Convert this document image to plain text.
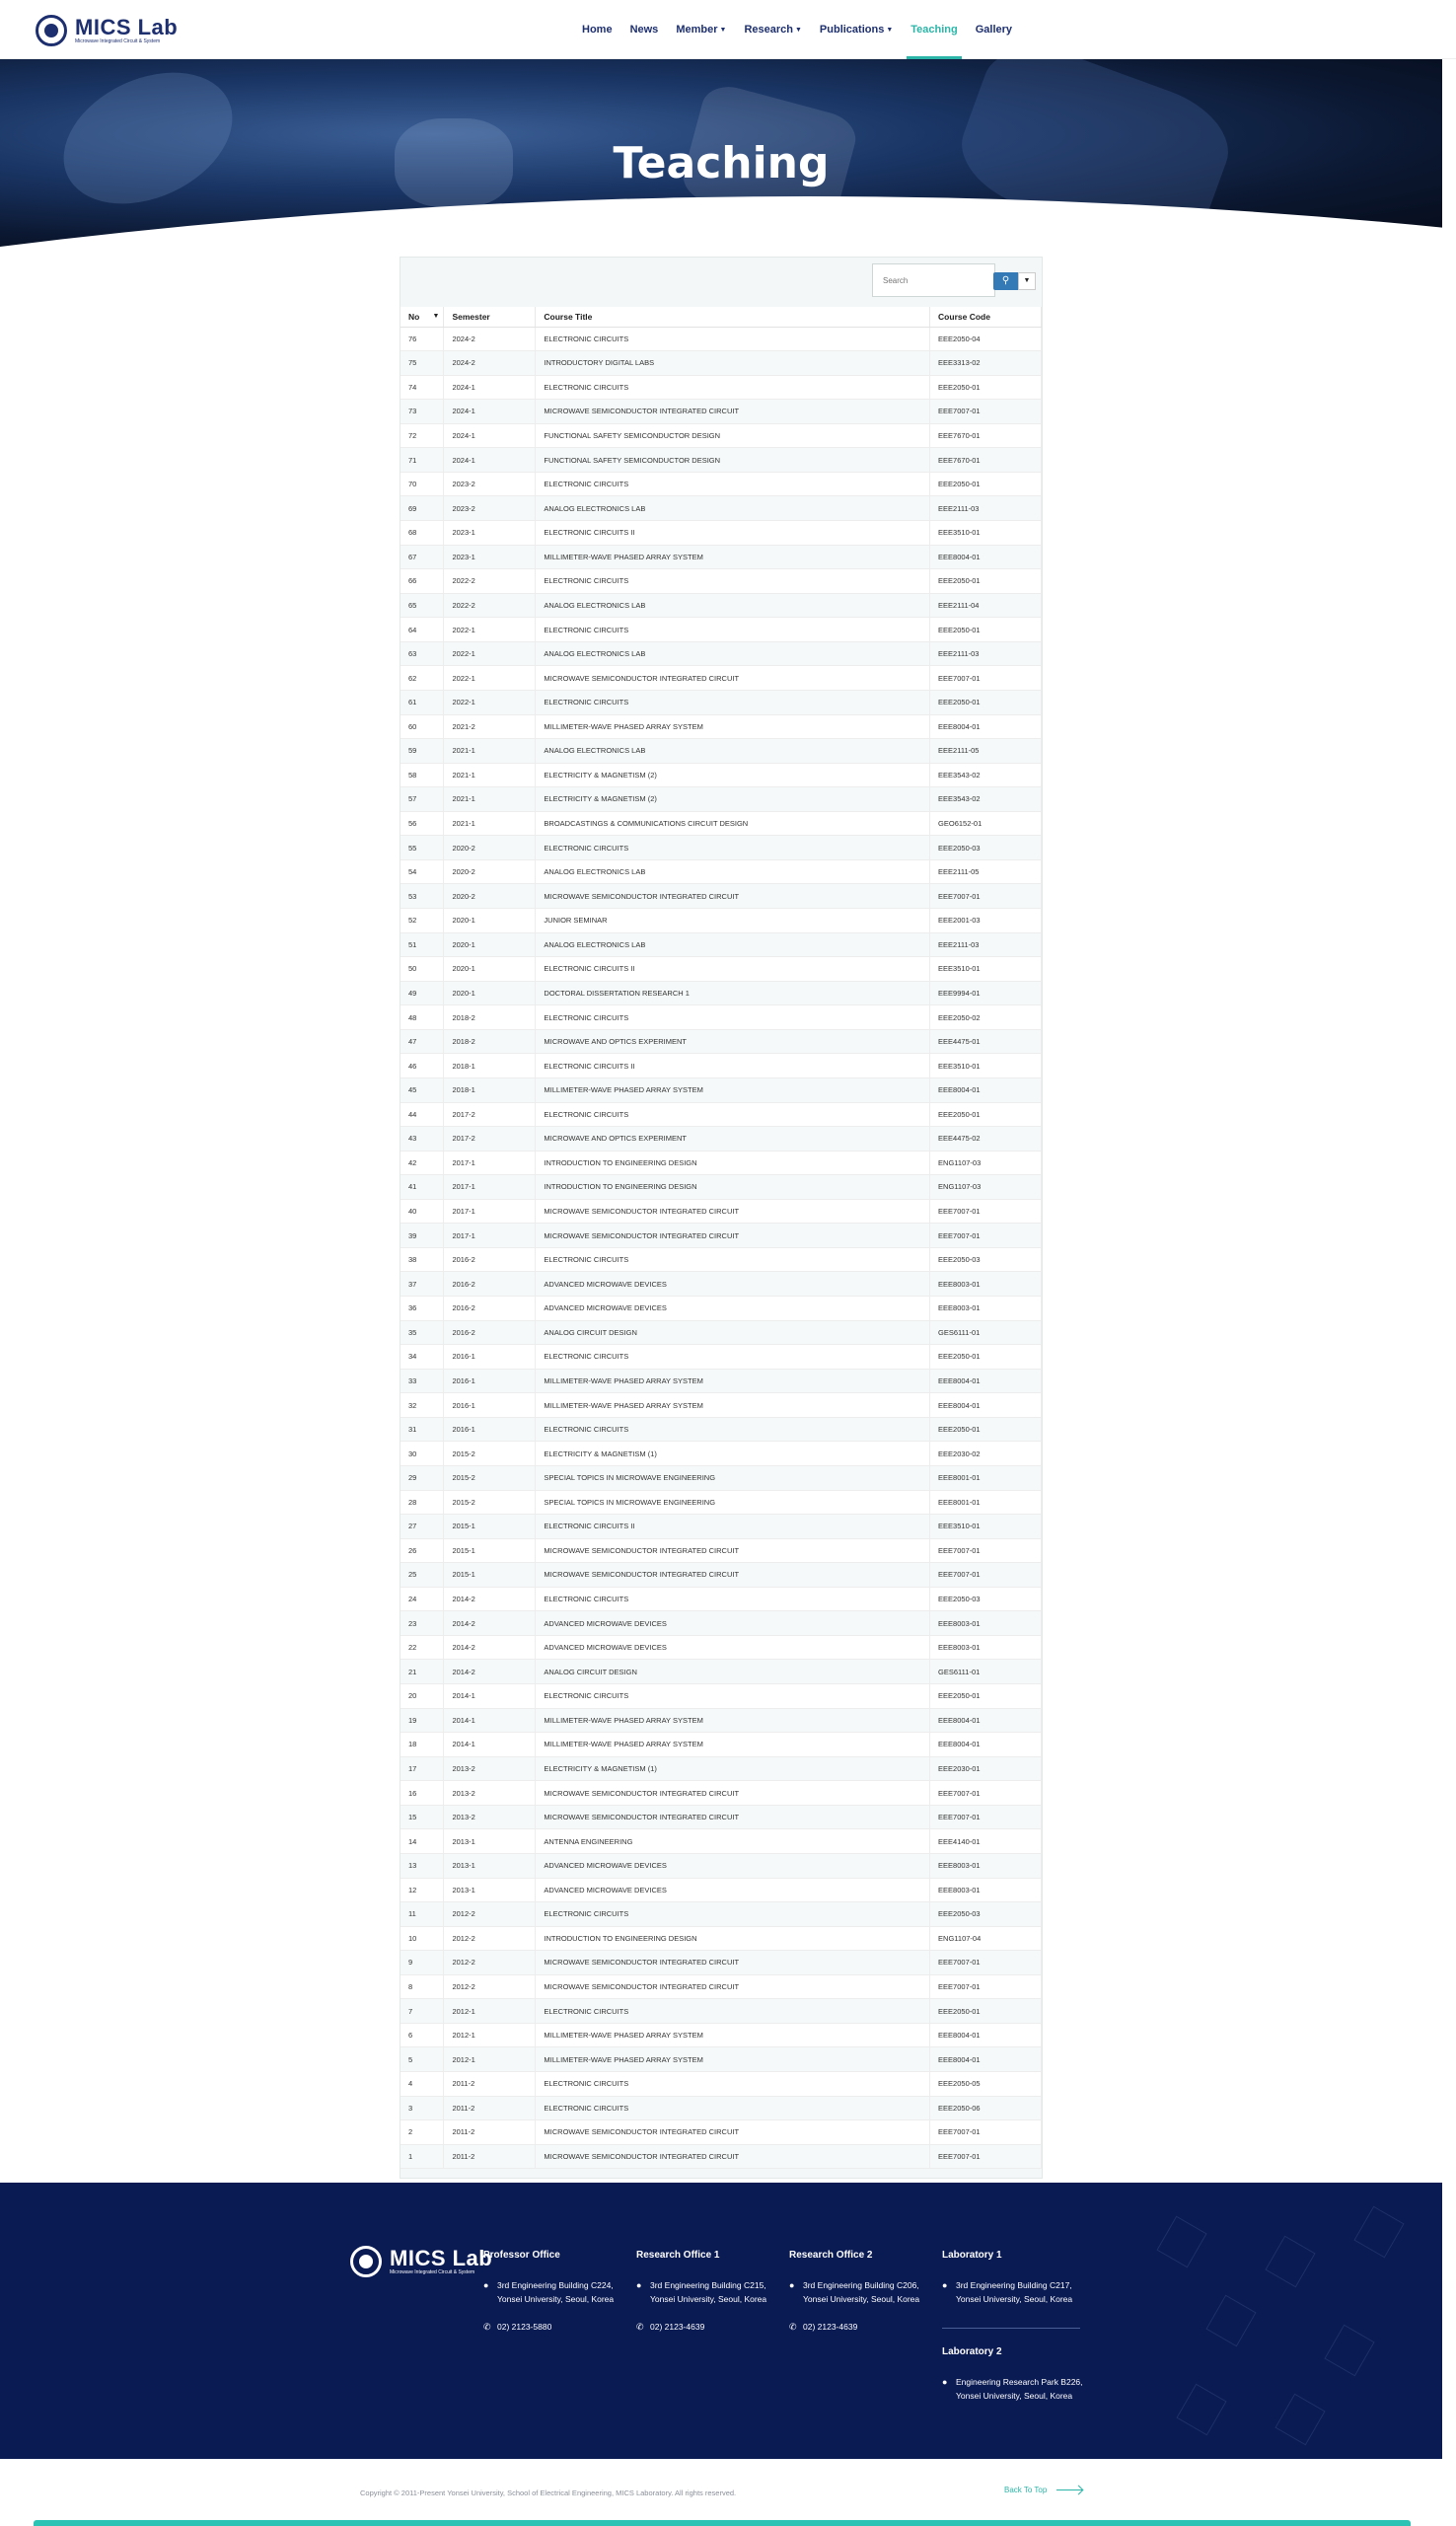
MICS Lab
Microwave Integrated Circuit & System
Home News Member ▼ Research ▼ Publications ▼ Teaching Gallery
Teaching
Search
⚲	▼
No ▼	Semester	Course Title	Course Code
76	2024-2	ELECTRONIC CIRCUITS	EEE2050-04
75	2024-2	INTRODUCTORY DIGITAL LABS	EEE3313-02
74	2024-1	ELECTRONIC CIRCUITS	EEE2050-01
73	2024-1	MICROWAVE SEMICONDUCTOR INTEGRATED CIRCUIT	EEE7007-01
72	2024-1	FUNCTIONAL SAFETY SEMICONDUCTOR DESIGN	EEE7670-01
71	2024-1	FUNCTIONAL SAFETY SEMICONDUCTOR DESIGN	EEE7670-01
70	2023-2	ELECTRONIC CIRCUITS	EEE2050-01
69	2023-2	ANALOG ELECTRONICS LAB	EEE2111-03
68	2023-1	ELECTRONIC CIRCUITS II	EEE3510-01
67	2023-1	MILLIMETER-WAVE PHASED ARRAY SYSTEM	EEE8004-01
66	2022-2	ELECTRONIC CIRCUITS	EEE2050-01
65	2022-2	ANALOG ELECTRONICS LAB	EEE2111-04
64	2022-1	ELECTRONIC CIRCUITS	EEE2050-01
63	2022-1	ANALOG ELECTRONICS LAB	EEE2111-03
62	2022-1	MICROWAVE SEMICONDUCTOR INTEGRATED CIRCUIT	EEE7007-01
61	2022-1	ELECTRONIC CIRCUITS	EEE2050-01
60	2021-2	MILLIMETER-WAVE PHASED ARRAY SYSTEM	EEE8004-01
59	2021-1	ANALOG ELECTRONICS LAB	EEE2111-05
58	2021-1	ELECTRICITY & MAGNETISM (2)	EEE3543-02
57	2021-1	ELECTRICITY & MAGNETISM (2)	EEE3543-02
56	2021-1	BROADCASTINGS & COMMUNICATIONS CIRCUIT DESIGN	GEO6152-01
55	2020-2	ELECTRONIC CIRCUITS	EEE2050-03
54	2020-2	ANALOG ELECTRONICS LAB	EEE2111-05
53	2020-2	MICROWAVE SEMICONDUCTOR INTEGRATED CIRCUIT	EEE7007-01
52	2020-1	JUNIOR SEMINAR	EEE2001-03
51	2020-1	ANALOG ELECTRONICS LAB	EEE2111-03
50	2020-1	ELECTRONIC CIRCUITS II	EEE3510-01
49	2020-1	DOCTORAL DISSERTATION RESEARCH 1	EEE9994-01
48	2018-2	ELECTRONIC CIRCUITS	EEE2050-02
47	2018-2	MICROWAVE AND OPTICS EXPERIMENT	EEE4475-01
46	2018-1	ELECTRONIC CIRCUITS II	EEE3510-01
45	2018-1	MILLIMETER-WAVE PHASED ARRAY SYSTEM	EEE8004-01
44	2017-2	ELECTRONIC CIRCUITS	EEE2050-01
43	2017-2	MICROWAVE AND OPTICS EXPERIMENT	EEE4475-02
42	2017-1	INTRODUCTION TO ENGINEERING DESIGN	ENG1107-03
41	2017-1	INTRODUCTION TO ENGINEERING DESIGN	ENG1107-03
40	2017-1	MICROWAVE SEMICONDUCTOR INTEGRATED CIRCUIT	EEE7007-01
39	2017-1	MICROWAVE SEMICONDUCTOR INTEGRATED CIRCUIT	EEE7007-01
38	2016-2	ELECTRONIC CIRCUITS	EEE2050-03
37	2016-2	ADVANCED MICROWAVE DEVICES	EEE8003-01
36	2016-2	ADVANCED MICROWAVE DEVICES	EEE8003-01
35	2016-2	ANALOG CIRCUIT DESIGN	GES6111-01
34	2016-1	ELECTRONIC CIRCUITS	EEE2050-01
33	2016-1	MILLIMETER-WAVE PHASED ARRAY SYSTEM	EEE8004-01
32	2016-1	MILLIMETER-WAVE PHASED ARRAY SYSTEM	EEE8004-01
31	2016-1	ELECTRONIC CIRCUITS	EEE2050-01
30	2015-2	ELECTRICITY & MAGNETISM (1)	EEE2030-02
29	2015-2	SPECIAL TOPICS IN MICROWAVE ENGINEERING	EEE8001-01
28	2015-2	SPECIAL TOPICS IN MICROWAVE ENGINEERING	EEE8001-01
27	2015-1	ELECTRONIC CIRCUITS II	EEE3510-01
26	2015-1	MICROWAVE SEMICONDUCTOR INTEGRATED CIRCUIT	EEE7007-01
25	2015-1	MICROWAVE SEMICONDUCTOR INTEGRATED CIRCUIT	EEE7007-01
24	2014-2	ELECTRONIC CIRCUITS	EEE2050-03
23	2014-2	ADVANCED MICROWAVE DEVICES	EEE8003-01
22	2014-2	ADVANCED MICROWAVE DEVICES	EEE8003-01
21	2014-2	ANALOG CIRCUIT DESIGN	GES6111-01
20	2014-1	ELECTRONIC CIRCUITS	EEE2050-01
19	2014-1	MILLIMETER-WAVE PHASED ARRAY SYSTEM	EEE8004-01
18	2014-1	MILLIMETER-WAVE PHASED ARRAY SYSTEM	EEE8004-01
17	2013-2	ELECTRICITY & MAGNETISM (1)	EEE2030-01
16	2013-2	MICROWAVE SEMICONDUCTOR INTEGRATED CIRCUIT	EEE7007-01
15	2013-2	MICROWAVE SEMICONDUCTOR INTEGRATED CIRCUIT	EEE7007-01
14	2013-1	ANTENNA ENGINEERING	EEE4140-01
13	2013-1	ADVANCED MICROWAVE DEVICES	EEE8003-01
12	2013-1	ADVANCED MICROWAVE DEVICES	EEE8003-01
11	2012-2	ELECTRONIC CIRCUITS	EEE2050-03
10	2012-2	INTRODUCTION TO ENGINEERING DESIGN	ENG1107-04
9	2012-2	MICROWAVE SEMICONDUCTOR INTEGRATED CIRCUIT	EEE7007-01
8	2012-2	MICROWAVE SEMICONDUCTOR INTEGRATED CIRCUIT	EEE7007-01
7	2012-1	ELECTRONIC CIRCUITS	EEE2050-01
6	2012-1	MILLIMETER-WAVE PHASED ARRAY SYSTEM	EEE8004-01
5	2012-1	MILLIMETER-WAVE PHASED ARRAY SYSTEM	EEE8004-01
4	2011-2	ELECTRONIC CIRCUITS	EEE2050-05
3	2011-2	ELECTRONIC CIRCUITS	EEE2050-06
2	2011-2	MICROWAVE SEMICONDUCTOR INTEGRATED CIRCUIT	EEE7007-01
1	2011-2	MICROWAVE SEMICONDUCTOR INTEGRATED CIRCUIT	EEE7007-01
MICS Lab
Microwave Integrated Circuit & System
Professor Office
●	3rd Engineering Building C224, Yonsei University, Seoul, Korea
✆ 02) 2123-5880
Research Office 1
●	3rd Engineering Building C215, Yonsei University, Seoul, Korea
✆ 02) 2123-4639
Research Office 2
●	3rd Engineering Building C206, Yonsei University, Seoul, Korea
✆ 02) 2123-4639
Laboratory 1
●	3rd Engineering Building C217, Yonsei University, Seoul, Korea
Laboratory 2
●	Engineering Research Park B226, Yonsei University, Seoul, Korea
Copyright © 2011-Present Yonsei University, School of Electrical Engineering, MICS Laboratory. All rights reserved.	Back To Top
